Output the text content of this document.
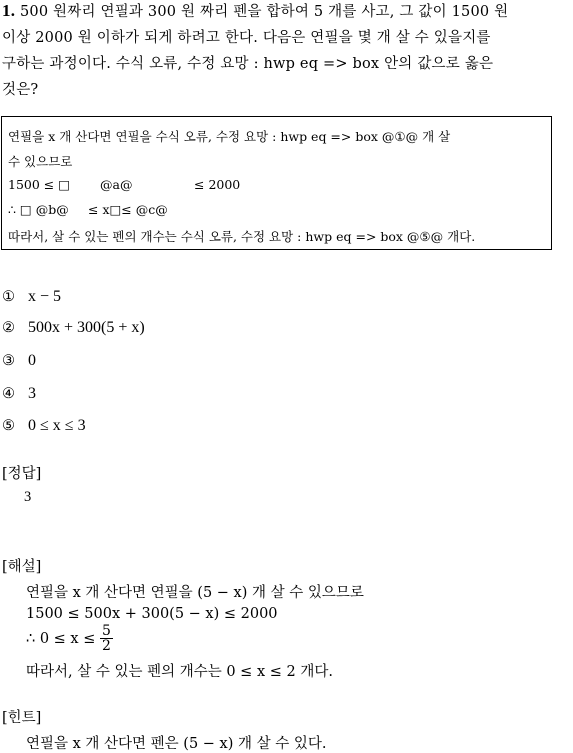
1. 500 원짜리 연필과 300 원 짜리 펜을 합하여 5 개를 사고, 그 값이 1500 원
이상 2000 원 이하가 되게 하려고 한다. 다음은 연필을 몇 개 살 수 있을지를
구하는 과정이다. 수식 오류, 수정 요망 : hwp eq => box 안의 값으로 옳은
것은?
연필을 x 개 산다면 연필을 수식 오류, 수정 요망 : hwp eq => box @①@ 개 살
수 있으므로
1500 ≤ □ @a@	≤ 2000
∴ □ @b@ ≤ x□≤ @c@
따라서, 살 수 있는 펜의 개수는 수식 오류, 수정 요망 : hwp eq => box @⑤@ 개다.
① x − 5
② 500x + 300(5 + x)
③ 0
④ 3
⑤ 0 ≤ x ≤ 3
[정답]
3
[해설]
연필을 x 개 산다면 연필을 (5 − x) 개 살 수 있으므로
1500 ≤ 500x + 300(5 − x) ≤ 2000
∴ $0 \le x \le \frac{5}{2}$
따라서, 살 수 있는 펜의 개수는 0 ≤ x ≤ 2 개다.
[힌트]
연필을 x 개 산다면 펜은 (5 − x) 개 살 수 있다.
